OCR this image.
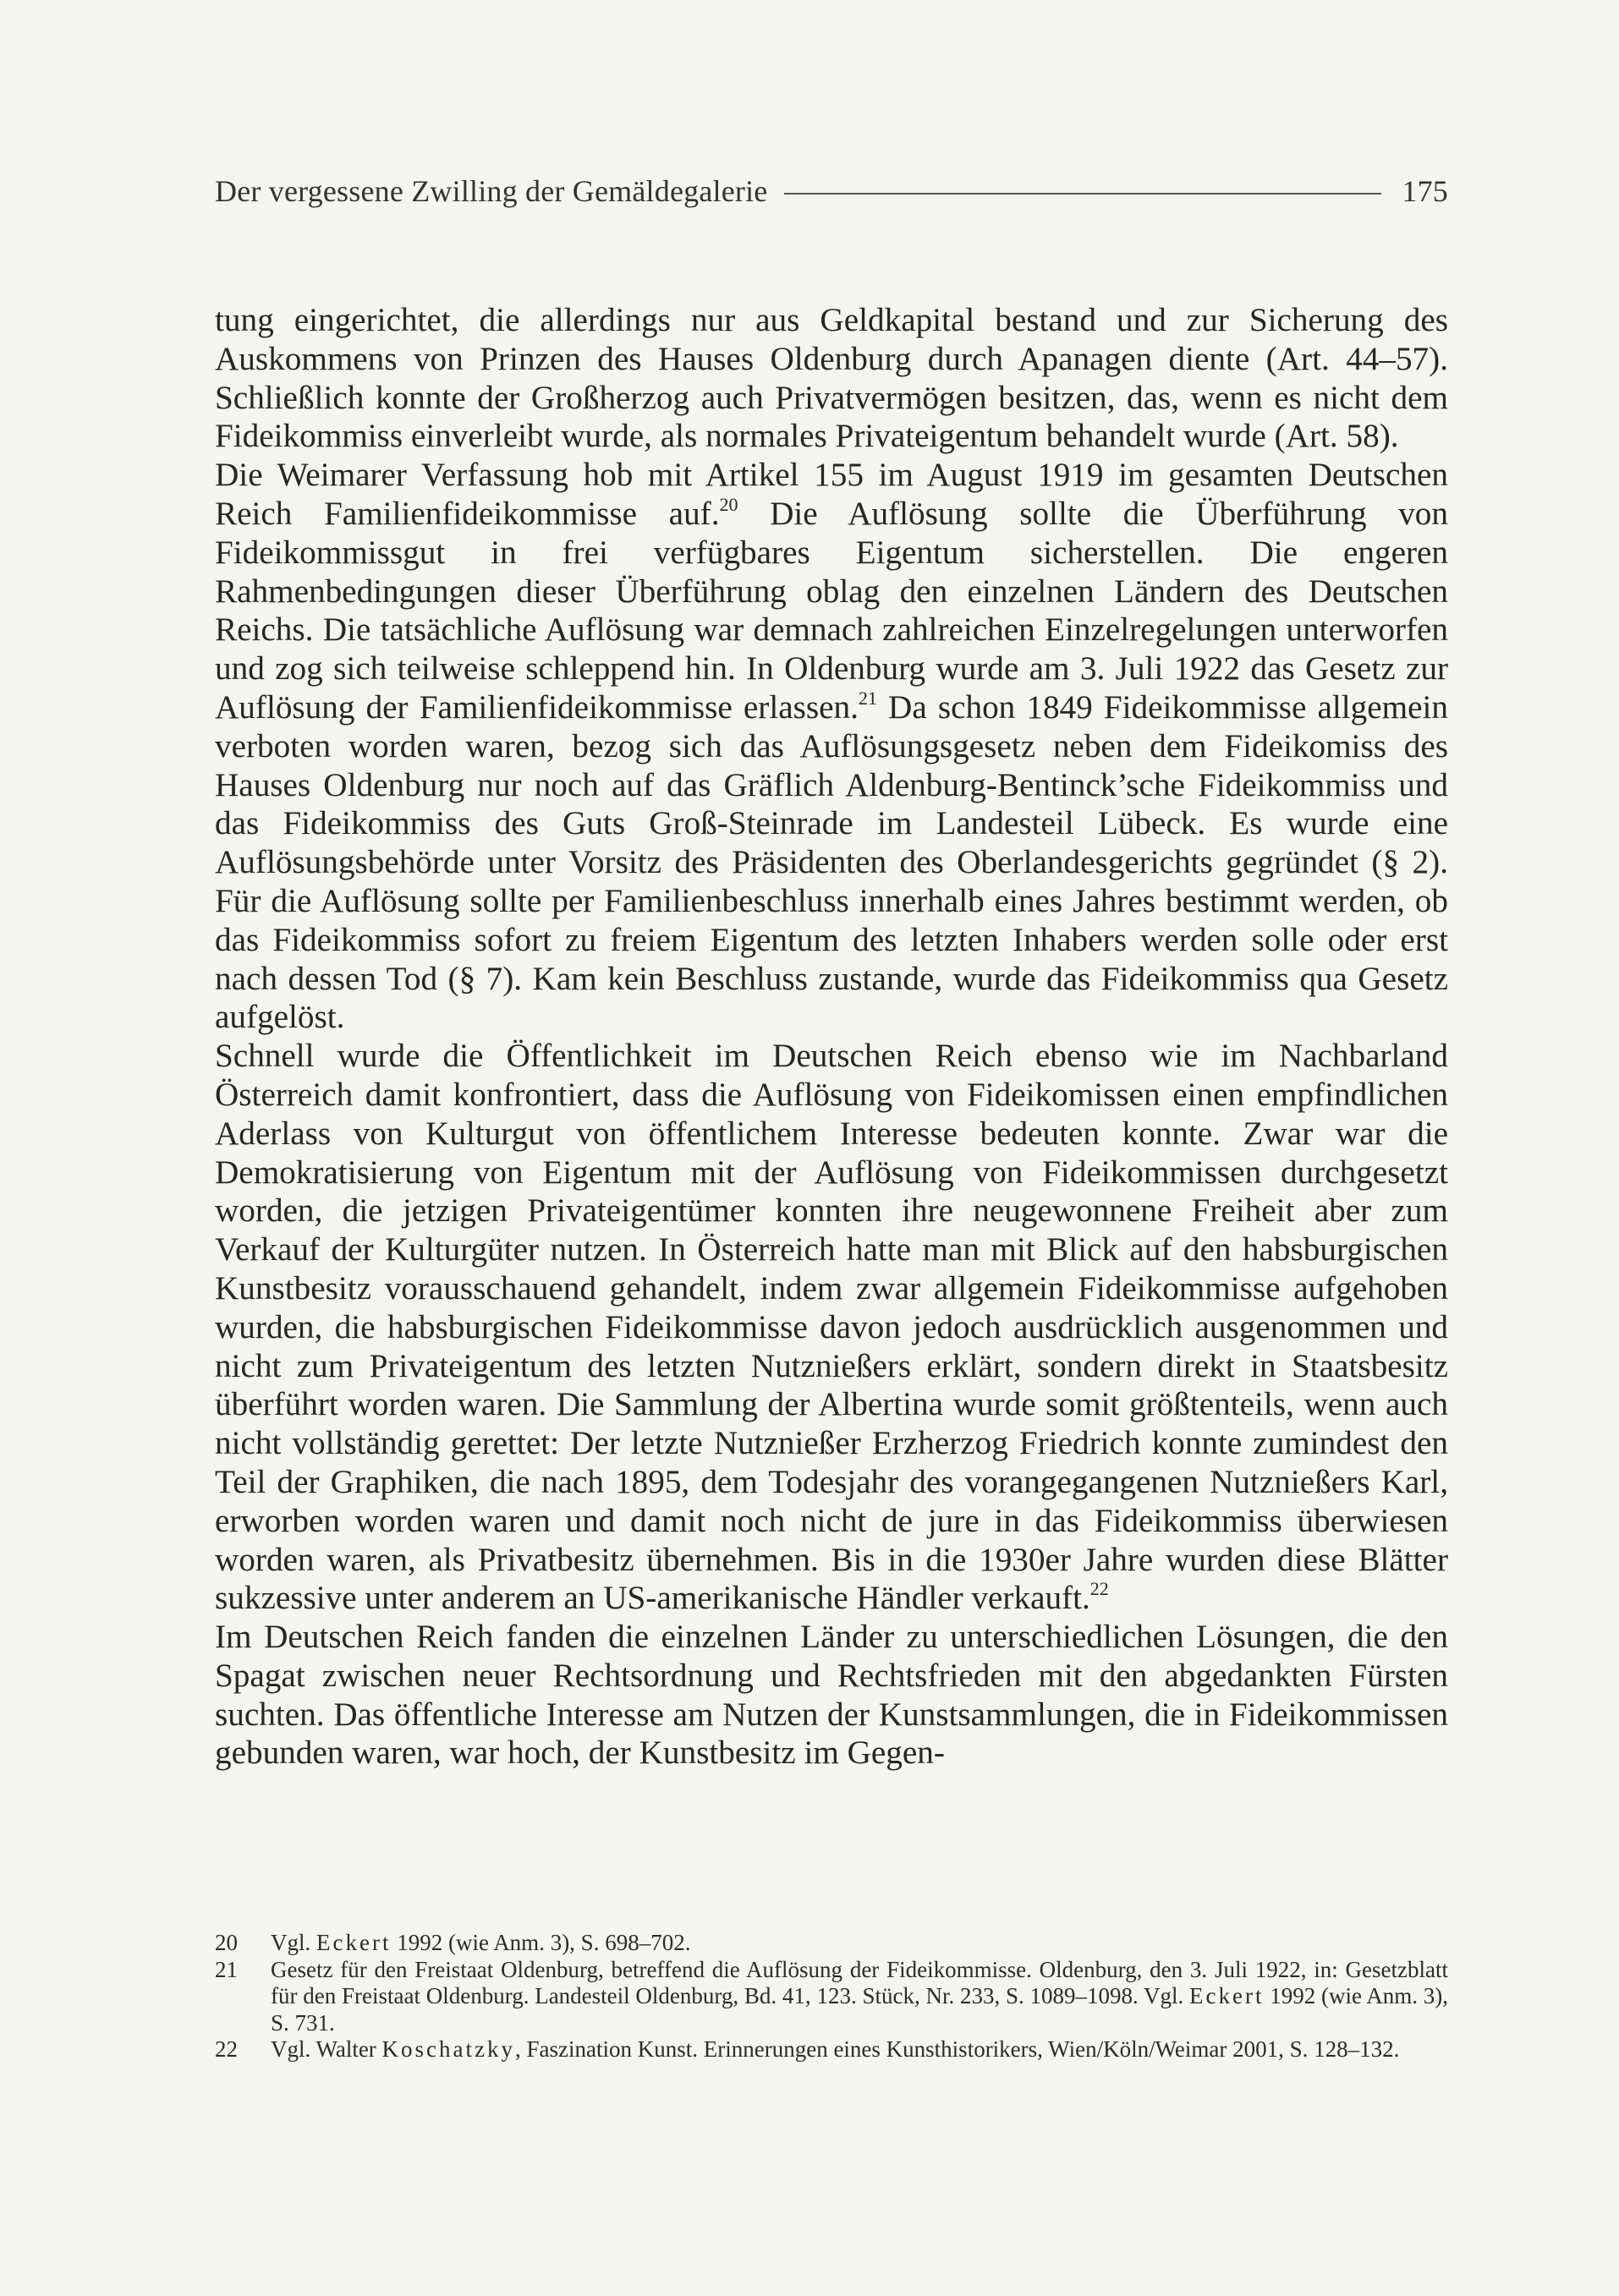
Der vergessene Zwilling der Gemäldegalerie	175

tung eingerichtet, die allerdings nur aus Geldkapital bestand und zur Sicherung des Auskommens von Prinzen des Hauses Oldenburg durch Apanagen diente (Art. 44–57). Schließlich konnte der Großherzog auch Privatvermögen besitzen, das, wenn es nicht dem Fideikommiss einverleibt wurde, als normales Privateigentum behandelt wurde (Art. 58).

Die Weimarer Verfassung hob mit Artikel 155 im August 1919 im gesamten Deutschen Reich Familienfideikommisse auf.$^{20}$ Die Auflösung sollte die Überführung von Fideikommissgut in frei verfügbares Eigentum sicherstellen. Die engeren Rahmenbedingungen dieser Überführung oblag den einzelnen Ländern des Deutschen Reichs. Die tatsächliche Auflösung war demnach zahlreichen Einzelregelungen unterworfen und zog sich teilweise schleppend hin. In Oldenburg wurde am 3. Juli 1922 das Gesetz zur Auflösung der Familienfideikommisse erlassen.$^{21}$ Da schon 1849 Fideikommisse allgemein verboten worden waren, bezog sich das Auflösungsgesetz neben dem Fideikomiss des Hauses Oldenburg nur noch auf das Gräflich Aldenburg-Bentinck’sche Fideikommiss und das Fideikommiss des Guts Groß-Steinrade im Landesteil Lübeck. Es wurde eine Auflösungsbehörde unter Vorsitz des Präsidenten des Oberlandesgerichts gegründet (§ 2). Für die Auflösung sollte per Familienbeschluss innerhalb eines Jahres bestimmt werden, ob das Fideikommiss sofort zu freiem Eigentum des letzten Inhabers werden solle oder erst nach dessen Tod (§ 7). Kam kein Beschluss zustande, wurde das Fideikommiss qua Gesetz aufgelöst.

Schnell wurde die Öffentlichkeit im Deutschen Reich ebenso wie im Nachbarland Österreich damit konfrontiert, dass die Auflösung von Fideikomissen einen empfindlichen Aderlass von Kulturgut von öffentlichem Interesse bedeuten konnte. Zwar war die Demokratisierung von Eigentum mit der Auflösung von Fideikommissen durchgesetzt worden, die jetzigen Privateigentümer konnten ihre neugewonnene Freiheit aber zum Verkauf der Kulturgüter nutzen. In Österreich hatte man mit Blick auf den habsburgischen Kunstbesitz vorausschauend gehandelt, indem zwar allgemein Fideikommisse aufgehoben wurden, die habsburgischen Fideikommisse davon jedoch ausdrücklich ausgenommen und nicht zum Privateigentum des letzten Nutznießers erklärt, sondern direkt in Staatsbesitz überführt worden waren. Die Sammlung der Albertina wurde somit größtenteils, wenn auch nicht vollständig gerettet: Der letzte Nutznießer Erzherzog Friedrich konnte zumindest den Teil der Graphiken, die nach 1895, dem Todesjahr des vorangegangenen Nutznießers Karl, erworben worden waren und damit noch nicht de jure in das Fideikommiss überwiesen worden waren, als Privatbesitz übernehmen. Bis in die 1930er Jahre wurden diese Blätter sukzessive unter anderem an US-amerikanische Händler verkauft.$^{22}$

Im Deutschen Reich fanden die einzelnen Länder zu unterschiedlichen Lösungen, die den Spagat zwischen neuer Rechtsordnung und Rechtsfrieden mit den abgedankten Fürsten suchten. Das öffentliche Interesse am Nutzen der Kunstsammlungen, die in Fideikommissen gebunden waren, war hoch, der Kunstbesitz im Gegen-

20	Vgl. Eckert 1992 (wie Anm. 3), S. 698–702.
21	Gesetz für den Freistaat Oldenburg, betreffend die Auflösung der Fideikommisse. Oldenburg, den 3. Juli 1922, in: Gesetzblatt für den Freistaat Oldenburg. Landesteil Oldenburg, Bd. 41, 123. Stück, Nr. 233, S. 1089–1098. Vgl. Eckert 1992 (wie Anm. 3), S. 731.
22	Vgl. Walter Koschatzky, Faszination Kunst. Erinnerungen eines Kunsthistorikers, Wien/Köln/Weimar 2001, S. 128–132.
